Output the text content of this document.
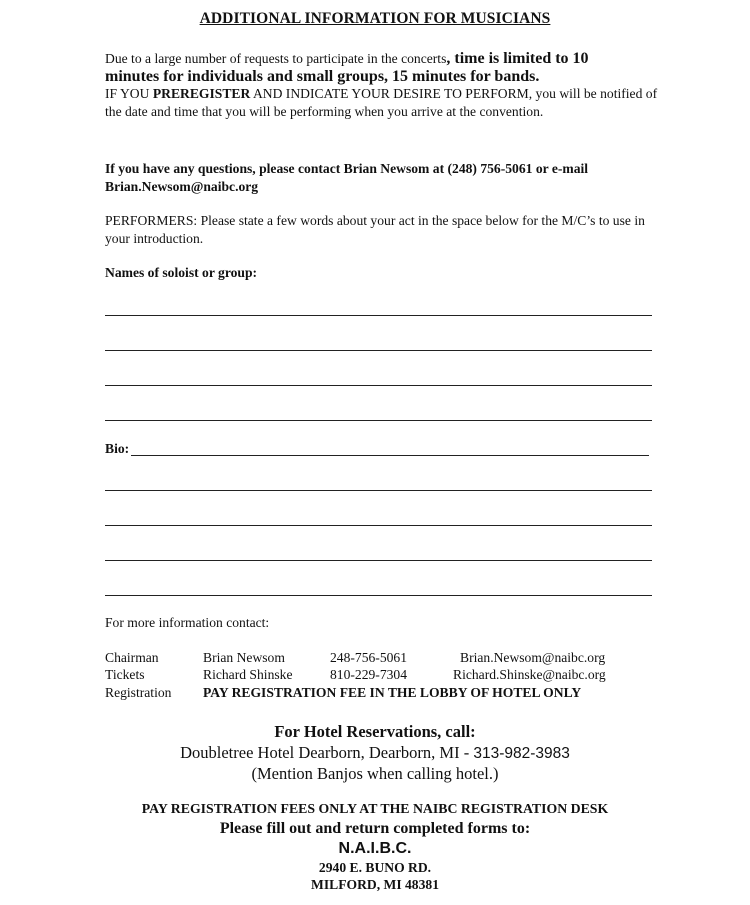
ADDITIONAL INFORMATION FOR MUSICIANS
Due to a large number of requests to participate in the concerts, time is limited to 10
minutes for individuals and small groups, 15 minutes for bands.
IF YOU PREREGISTER AND INDICATE YOUR DESIRE TO PERFORM, you will be notified of the date and time that you will be performing when you arrive at the convention.
If you have any questions, please contact Brian Newsom at (248) 756-5061 or e-mail
Brian.Newsom@naibc.org
PERFORMERS: Please state a few words about your act in the space below for the M/C’s to use in your introduction.
Names of soloist or group:
Bio:
For more information contact:
Chairman	Brian Newsom	248-756-5061	Brian.Newsom@naibc.org
Tickets	Richard Shinske	810-229-7304	Richard.Shinske@naibc.org
Registration PAY REGISTRATION FEE IN THE LOBBY OF HOTEL ONLY
For Hotel Reservations, call:
Doubletree Hotel Dearborn, Dearborn, MI - 313-982-3983
(Mention Banjos when calling hotel.)
PAY REGISTRATION FEES ONLY AT THE NAIBC REGISTRATION DESK
Please fill out and return completed forms to:
N.A.I.B.C.
2940 E. BUNO RD.
MILFORD, MI 48381
